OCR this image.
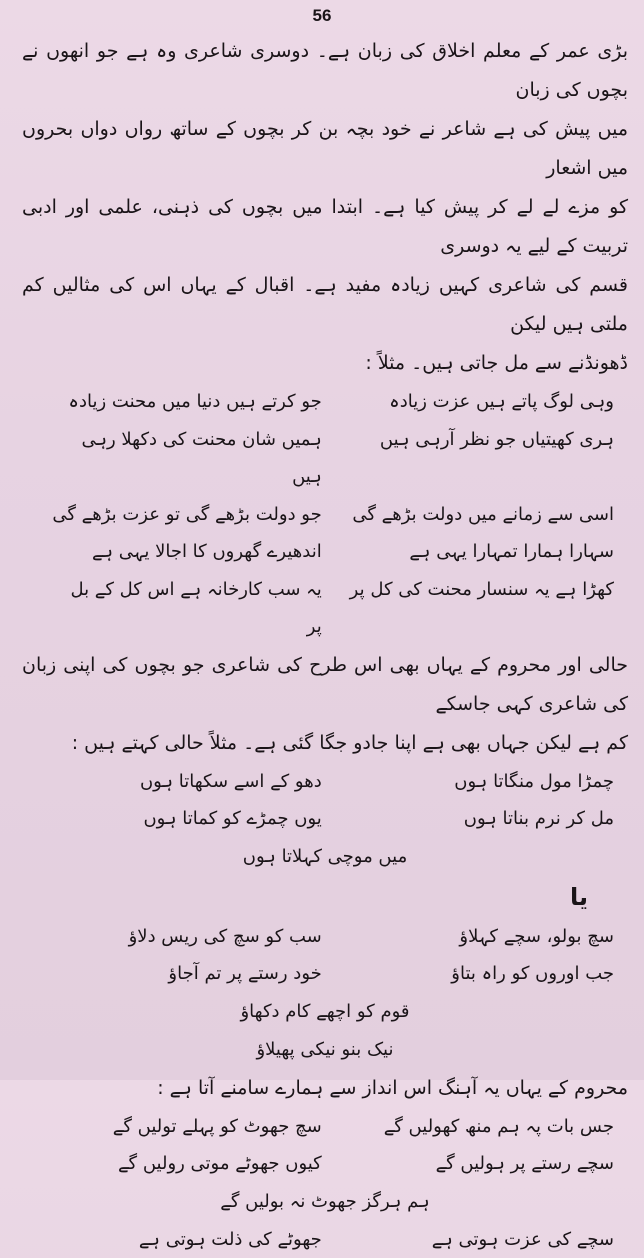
56

بڑی عمر کے معلم اخلاق کی زبان ہے۔ دوسری شاعری وہ ہے جو انھوں نے بچوں کی زبان

میں پیش کی ہے شاعر نے خود بچہ بن کر بچوں کے ساتھ رواں دواں بحروں میں اشعار

کو مزے لے لے کر پیش کیا ہے۔ ابتدا میں بچوں کی ذہنی، علمی اور ادبی تربیت کے لیے یہ دوسری

قسم کی شاعری کہیں زیادہ مفید ہے۔ اقبال کے یہاں اس کی مثالیں کم ملتی ہیں لیکن

ڈھونڈنے سے مل جاتی ہیں۔ مثلاً :

وہی لوگ پاتے ہیں عزت زیادہ
جو کرتے ہیں دنیا میں محنت زیادہ
ہری کھیتیاں جو نظر آرہی ہیں
ہمیں شان محنت کی دکھلا رہی ہیں
اسی سے زمانے میں دولت بڑھے گی
جو دولت بڑھے گی تو عزت بڑھے گی
سہارا ہمارا تمہارا یہی ہے
اندھیرے گھروں کا اجالا یہی ہے
کھڑا ہے یہ سنسار محنت کی کل پر
یہ سب کارخانہ ہے اس کل کے بل پر

حالی اور محروم کے یہاں بھی اس طرح کی شاعری جو بچوں کی اپنی زبان کی شاعری کہی جاسکے

کم ہے لیکن جہاں بھی ہے اپنا جادو جگا گئی ہے۔ مثلاً حالی کہتے ہیں :

چمڑا مول منگاتا ہوں
دھو کے اسے سکھاتا ہوں
مل کر نرم بناتا ہوں
یوں چمڑے کو کماتا ہوں
میں موچی کہلاتا ہوں
یا
سچ بولو، سچے کہلاؤ
سب کو سچ کی ریس دلاؤ
جب اوروں کو راہ بتاؤ
خود رستے پر تم آجاؤ
قوم کو اچھے کام دکھاؤ
نیک بنو نیکی پھیلاؤ

محروم کے یہاں یہ آہنگ اس انداز سے ہمارے سامنے آتا ہے :

جس بات پہ ہم منھ کھولیں گے
سچ جھوٹ کو پہلے تولیں گے
سچے رستے پر ہولیں گے
کیوں جھوٹے موتی رولیں گے
ہم ہرگز جھوٹ نہ بولیں گے
سچے کی عزت ہوتی ہے
جھوٹے کی ذلت ہوتی ہے
